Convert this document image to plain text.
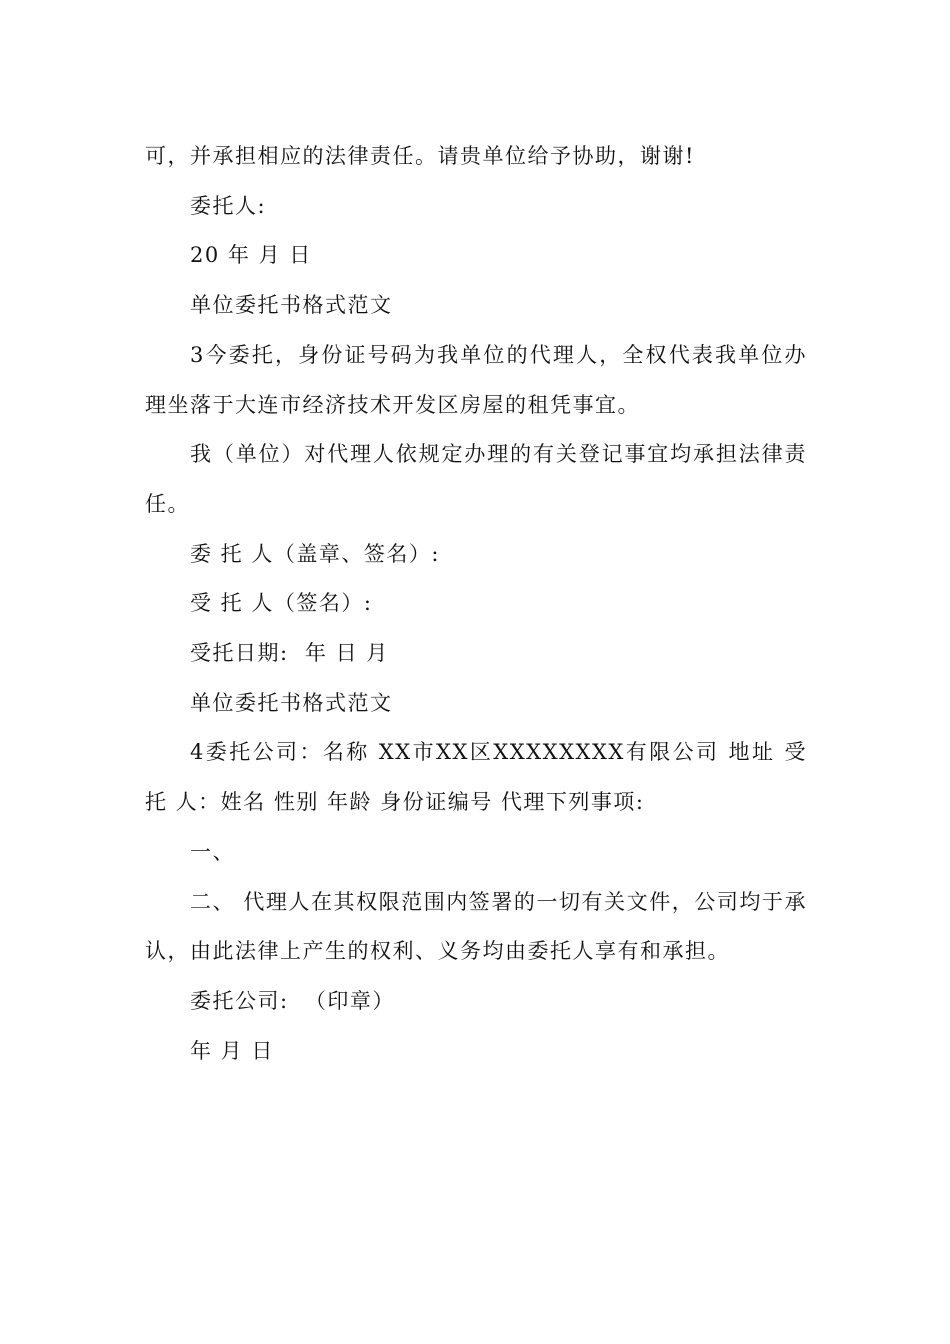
可，并承担相应的法律责任。请贵单位给予协助，谢谢!

委托人:

20 年 月 日

单位委托书格式范文

3今委托，身份证号码为我单位的代理人，全权代表我单位办理坐落于大连市经济技术开发区房屋的租凭事宜。

我（单位）对代理人依规定办理的有关登记事宜均承担法律责任。

委 托 人（盖章、签名）:

受 托 人（签名）:

受托日期:  年 日 月

单位委托书格式范文

4委托公司：名称 XX市XX区XXXXXXXX有限公司 地址 受 托 人：姓名 性别 年龄 身份证编号 代理下列事项:

一、

二、 代理人在其权限范围内签署的一切有关文件，公司均于承认，由此法律上产生的权利、义务均由委托人享有和承担。

委托公司:  （印章）

年 月 日
